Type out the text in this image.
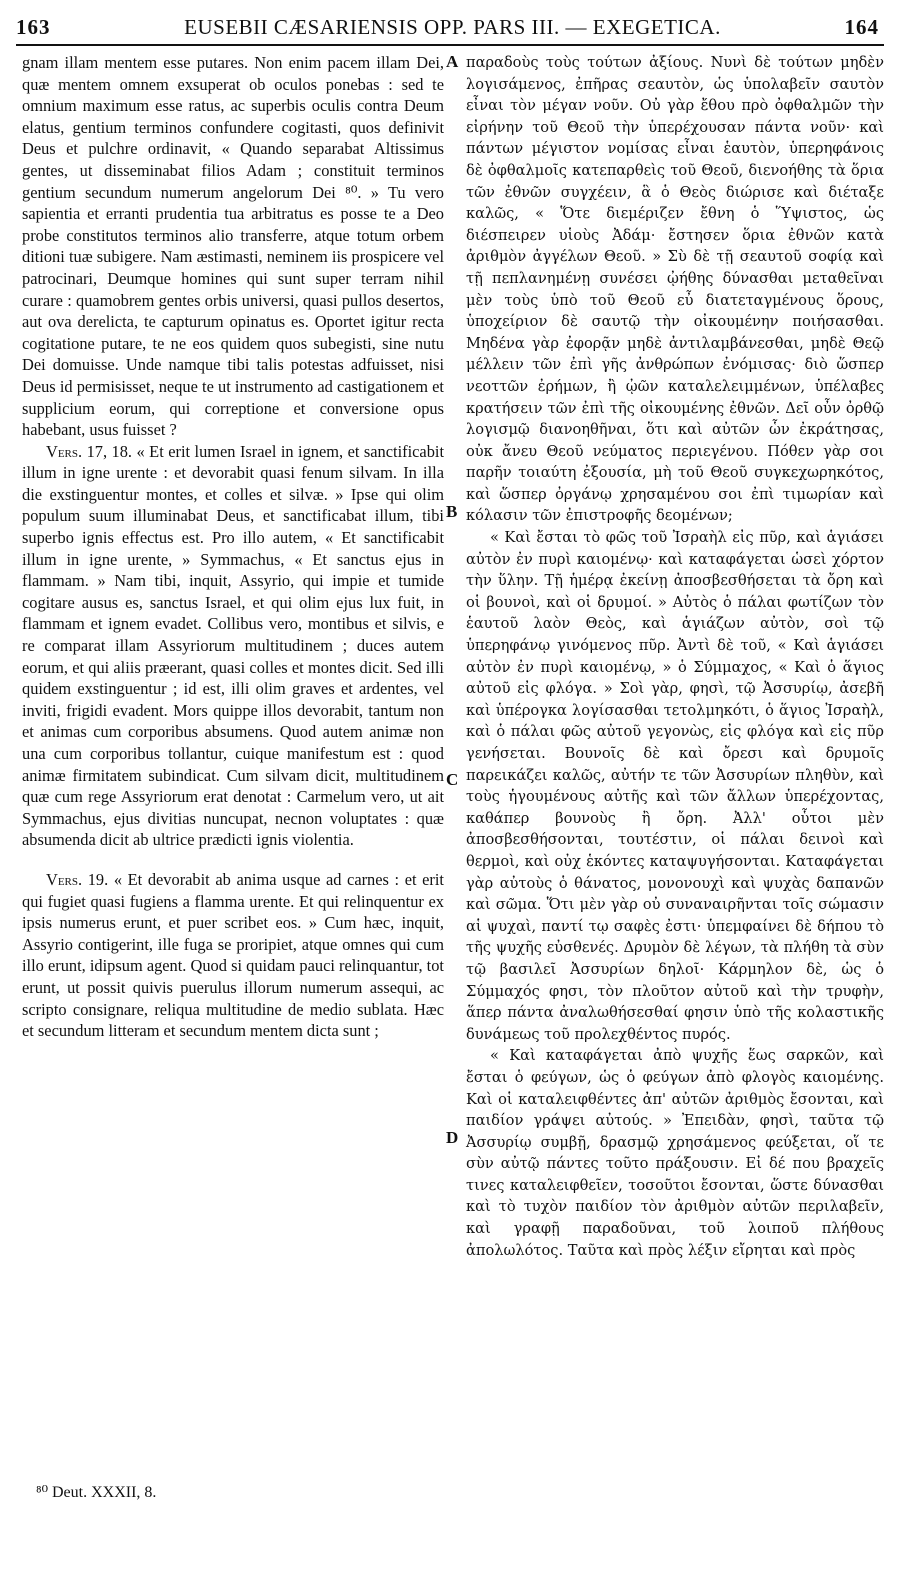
163	EUSEBII CÆSARIENSIS OPP. PARS III. — EXEGETICA.	164

gnam illam mentem esse putares. Non enim pacem illam Dei, quæ mentem omnem exsuperat ob oculos ponebas : sed te omnium maximum esse ratus, ac superbis oculis contra Deum elatus, gentium terminos confundere cogitasti, quos definivit Deus et pulchre ordinavit, « Quando separabat Altissimus gentes, ut disseminabat filios Adam ; constituit terminos gentium secundum numerum angelorum Dei ⁸⁰. » Tu vero sapientia et erranti prudentia tua arbitratus es posse te a Deo probe constitutos terminos alio transferre, atque totum orbem ditioni tuæ subigere. Nam æstimasti, neminem iis prospicere vel patrocinari, Deumque homines qui sunt super terram nihil curare : quamobrem gentes orbis universi, quasi pullos desertos, aut ova derelicta, te capturum opinatus es. Oportet igitur recta cogitatione putare, te ne eos quidem quos subegisti, sine nutu Dei domuisse. Unde namque tibi talis potestas adfuisset, nisi Deus id permisisset, neque te ut instrumento ad castigationem et supplicium eorum, qui correptione et conversione opus habebant, usus fuisset ?

Vers. 17, 18. « Et erit lumen Israel in ignem, et sanctificabit illum in igne urente : et devorabit quasi fenum silvam. In illa die exstinguentur montes, et colles et silvæ. » Ipse qui olim populum suum illuminabat Deus, et sanctificabat illum, tibi superbo ignis effectus est. Pro illo autem, « Et sanctificabit illum in igne urente, » Symmachus, « Et sanctus ejus in flammam. » Nam tibi, inquit, Assyrio, qui impie et tumide cogitare ausus es, sanctus Israel, et qui olim ejus lux fuit, in flammam et ignem evadet. Collibus vero, montibus et silvis, e re comparat illam Assyriorum multitudinem ; duces autem eorum, et qui aliis præerant, quasi colles et montes dicit. Sed illi quidem exstinguentur ; id est, illi olim graves et ardentes, vel inviti, frigidi evadent. Mors quippe illos devorabit, tantum non et animas cum corporibus absumens. Quod autem animæ non una cum corporibus tollantur, cuique manifestum est : quod animæ firmitatem subindicat. Cum silvam dicit, multitudinem quæ cum rege Assyriorum erat denotat : Carmelum vero, ut ait Symmachus, ejus divitias nuncupat, necnon voluptates : quæ absumenda dicit ab ultrice prædicti ignis violentia.

Vers. 19. « Et devorabit ab anima usque ad carnes : et erit qui fugiet quasi fugiens a flamma urente. Et qui relinquentur ex ipsis numerus erunt, et puer scribet eos. » Cum hæc, inquit, Assyrio contigerint, ille fuga se proripiet, atque omnes qui cum illo erunt, idipsum agent. Quod si quidam pauci relinquantur, tot erunt, ut possit quivis puerulus illorum numerum assequi, ac scripto consignare, reliqua multitudine de medio sublata. Hæc et secundum litteram et secundum mentem dicta sunt ;

παραδοὺς τοὺς τούτων ἀξίους. Νυνὶ δὲ τούτων μηδὲν λογισάμενος, ἐπῆρας σεαυτὸν, ὡς ὑπολαβεῖν σαυτὸν εἶναι τὸν μέγαν νοῦν. Οὐ γὰρ ἔθου πρὸ ὀφθαλμῶν τὴν εἰρήνην τοῦ Θεοῦ τὴν ὑπερέχουσαν πάντα νοῦν· καὶ πάντων μέγιστον νομίσας εἶναι ἑαυτὸν, ὑπερηφάνοις δὲ ὀφθαλμοῖς κατεπαρθεὶς τοῦ Θεοῦ, διενοήθης τὰ ὅρια τῶν ἐθνῶν συγχέειν, ἃ ὁ Θεὸς διώρισε καὶ διέταξε καλῶς, « Ὅτε διεμέριζεν ἔθνη ὁ Ὕψιστος, ὡς διέσπειρεν υἱοὺς Ἀδάμ· ἔστησεν ὅρια ἐθνῶν κατὰ ἀριθμὸν ἀγγέλων Θεοῦ. » Σὺ δὲ τῇ σεαυτοῦ σοφίᾳ καὶ τῇ πεπλανημένῃ συνέσει ᾠήθης δύνασθαι μεταθεῖναι μὲν τοὺς ὑπὸ τοῦ Θεοῦ εὖ διατεταγμένους ὅρους, ὑποχείριον δὲ σαυτῷ τὴν οἰκουμένην ποιήσασθαι. Μηδένα γὰρ ἐφορᾷν μηδὲ ἀντιλαμβάνεσθαι, μηδὲ Θεῷ μέλλειν τῶν ἐπὶ γῆς ἀνθρώπων ἐνόμισας· διὸ ὥσπερ νεοττῶν ἐρήμων, ἢ ᾠῶν καταλελειμμένων, ὑπέλαβες κρατήσειν τῶν ἐπὶ τῆς οἰκουμένης ἐθνῶν. Δεῖ οὖν ὀρθῷ λογισμῷ διανοηθῆναι, ὅτι καὶ αὐτῶν ὧν ἐκράτησας, οὐκ ἄνευ Θεοῦ νεύματος περιεγένου. Πόθεν γὰρ σοι παρῆν τοιαύτη ἐξουσία, μὴ τοῦ Θεοῦ συγκεχωρηκότος, καὶ ὥσπερ ὀργάνῳ χρησαμένου σοι ἐπὶ τιμωρίαν καὶ κόλασιν τῶν ἐπιστροφῆς δεομένων;

« Καὶ ἔσται τὸ φῶς τοῦ Ἰσραὴλ εἰς πῦρ, καὶ ἁγιάσει αὐτὸν ἐν πυρὶ καιομένῳ· καὶ καταφάγεται ὡσεὶ χόρτον τὴν ὕλην. Τῇ ἡμέρᾳ ἐκείνῃ ἀποσβεσθήσεται τὰ ὄρη καὶ οἱ βουνοὶ, καὶ οἱ δρυμοί. » Αὐτὸς ὁ πάλαι φωτίζων τὸν ἑαυτοῦ λαὸν Θεὸς, καὶ ἁγιάζων αὐτὸν, σοὶ τῷ ὑπερηφάνῳ γινόμενος πῦρ. Ἀντὶ δὲ τοῦ, « Καὶ ἁγιάσει αὐτὸν ἐν πυρὶ καιομένῳ, » ὁ Σύμμαχος, « Καὶ ὁ ἅγιος αὐτοῦ εἰς φλόγα. » Σοὶ γὰρ, φησὶ, τῷ Ἀσσυρίῳ, ἀσεβῆ καὶ ὑπέρογκα λογίσασθαι τετολμηκότι, ὁ ἅγιος Ἰσραὴλ, καὶ ὁ πάλαι φῶς αὐτοῦ γεγονὼς, εἰς φλόγα καὶ εἰς πῦρ γενήσεται. Βουνοῖς δὲ καὶ ὄρεσι καὶ δρυμοῖς παρεικάζει καλῶς, αὐτήν τε τῶν Ἀσσυρίων πληθὺν, καὶ τοὺς ἡγουμένους αὐτῆς καὶ τῶν ἄλλων ὑπερέχοντας, καθάπερ βουνοὺς ἢ ὄρη. Ἀλλ' οὗτοι μὲν ἀποσβεσθήσονται, τουτέστιν, οἱ πάλαι δεινοὶ καὶ θερμοὶ, καὶ οὐχ ἑκόντες καταψυγήσονται. Καταφάγεται γὰρ αὐτοὺς ὁ θάνατος, μονονουχὶ καὶ ψυχὰς δαπανῶν καὶ σῶμα. Ὅτι μὲν γὰρ οὐ συναναιρῆνται τοῖς σώμασιν αἱ ψυχαὶ, παντί τῳ σαφὲς ἐστι· ὑπεμφαίνει δὲ δήπου τὸ τῆς ψυχῆς εὐσθενές. Δρυμὸν δὲ λέγων, τὰ πλήθη τὰ σὺν τῷ βασιλεῖ Ἀσσυρίων δηλοῖ· Κάρμηλον δὲ, ὡς ὁ Σύμμαχός φησι, τὸν πλοῦτον αὐτοῦ καὶ τὴν τρυφὴν, ἅπερ πάντα ἀναλωθήσεσθαί φησιν ὑπὸ τῆς κολαστικῆς δυνάμεως τοῦ προλεχθέντος πυρός.

« Καὶ καταφάγεται ἀπὸ ψυχῆς ἕως σαρκῶν, καὶ ἔσται ὁ φεύγων, ὡς ὁ φεύγων ἀπὸ φλογὸς καιομένης. Καὶ οἱ καταλειφθέντες ἀπ' αὐτῶν ἀριθμὸς ἔσονται, καὶ παιδίον γράψει αὐτούς. » Ἐπειδὰν, φησὶ, ταῦτα τῷ Ἀσσυρίῳ συμβῇ, δρασμῷ χρησάμενος φεύξεται, οἵ τε σὺν αὐτῷ πάντες τοῦτο πράξουσιν. Εἰ δέ που βραχεῖς τινες καταλειφθεῖεν, τοσοῦτοι ἔσονται, ὥστε δύνασθαι καὶ τὸ τυχὸν παιδίον τὸν ἀριθμὸν αὐτῶν περιλαβεῖν, καὶ γραφῇ παραδοῦναι, τοῦ λοιποῦ πλήθους ἀπολωλότος. Ταῦτα καὶ πρὸς λέξιν εἴρηται καὶ πρὸς

A
B
C
D
⁸⁰ Deut. XXXII, 8.
